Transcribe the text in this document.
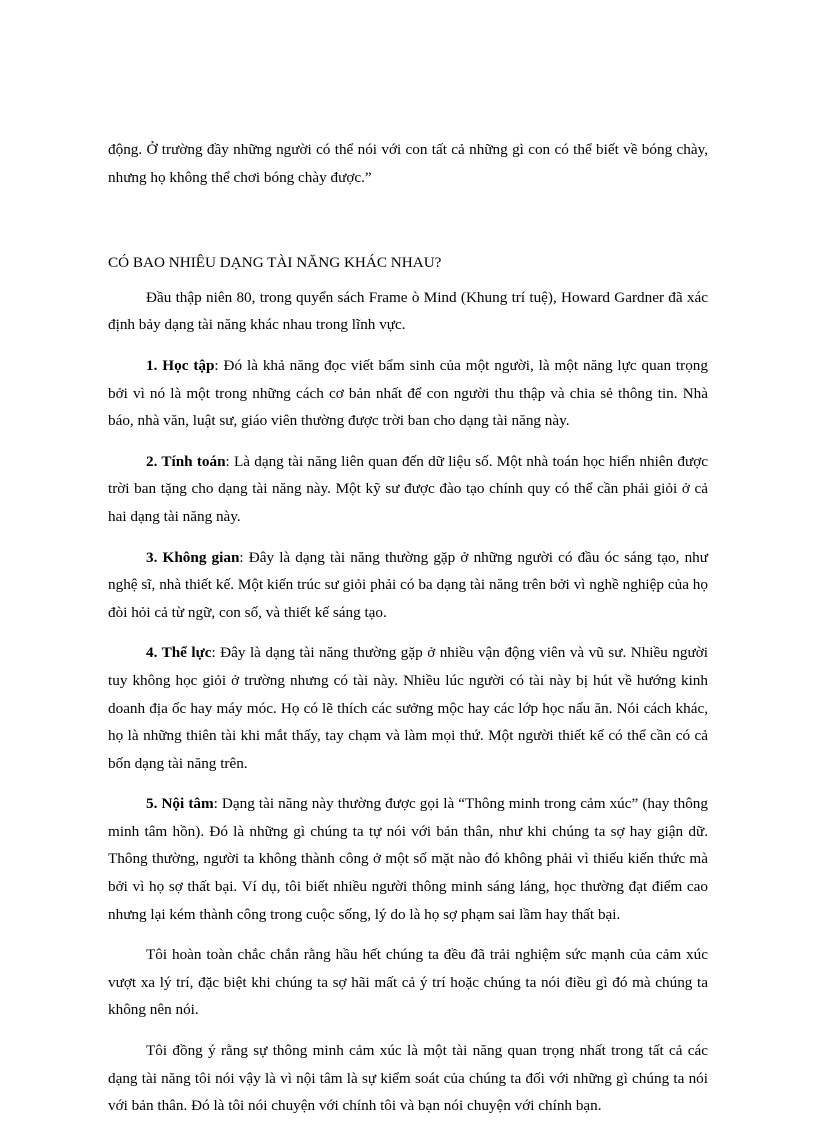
động. Ở trường đầy những người có thể nói với con tất cả những gì con có thể biết về bóng chày, nhưng họ không thể chơi bóng chày được.”

CÓ BAO NHIÊU DẠNG TÀI NĂNG KHÁC NHAU?

Đầu thập niên 80, trong quyển sách Frame ò Mind (Khung trí tuệ), Howard Gardner đã xác định bảy dạng tài năng khác nhau trong lĩnh vực.

1. Học tập: Đó là khả năng đọc viết bẩm sinh của một người, là một năng lực quan trọng bởi vì nó là một trong những cách cơ bản nhất để con người thu thập và chia sẻ thông tin. Nhà báo, nhà văn, luật sư, giáo viên thường được trời ban cho dạng tài năng này.

2. Tính toán: Là dạng tài năng liên quan đến dữ liệu số. Một nhà toán học hiển nhiên được trời ban tặng cho dạng tài năng này. Một kỹ sư được đào tạo chính quy có thể cần phải giỏi ở cả hai dạng tài năng này.

3. Không gian: Đây là dạng tài năng thường gặp ở những người có đầu óc sáng tạo, như nghệ sĩ, nhà thiết kế. Một kiến trúc sư giỏi phải có ba dạng tài năng trên bởi vì nghề nghiệp của họ đòi hỏi cả từ ngữ, con số, và thiết kế sáng tạo.

4. Thể lực: Đây là dạng tài năng thường gặp ở nhiều vận động viên và vũ sư. Nhiều người tuy không học giỏi ở trường nhưng có tài này. Nhiều lúc người có tài này bị hút về hướng kinh doanh địa ốc hay máy móc. Họ có lẽ thích các sưởng mộc hay các lớp học nấu ăn. Nói cách khác, họ là những thiên tài khi mắt thấy, tay chạm và làm mọi thứ. Một người thiết kế có thể cần có cả bốn dạng tài năng trên.

5. Nội tâm: Dạng tài năng này thường được gọi là “Thông minh trong cảm xúc” (hay thông minh tâm hồn). Đó là những gì chúng ta tự nói với bản thân, như khi chúng ta sợ hay giận dữ. Thông thường, người ta không thành công ở một số mặt nào đó không phải vì thiếu kiến thức mà bởi vì họ sợ thất bại. Ví dụ, tôi biết nhiều người thông minh sáng láng, học thường đạt điểm cao nhưng lại kém thành công trong cuộc sống, lý do là họ sợ phạm sai lầm hay thất bại.

Tôi hoàn toàn chắc chắn rằng hầu hết chúng ta đều đã trải nghiệm sức mạnh của cảm xúc vượt xa lý trí, đặc biệt khi chúng ta sợ hãi mất cả ý trí hoặc chúng ta nói điều gì đó mà chúng ta không nên nói.

Tôi đồng ý rằng sự thông minh cảm xúc là một tài năng quan trọng nhất trong tất cả các dạng tài năng tôi nói vậy là vì nội tâm là sự kiểm soát của chúng ta đối với những gì chúng ta nói với bản thân. Đó là tôi nói chuyện với chính tôi và bạn nói chuyện với chính bạn.
